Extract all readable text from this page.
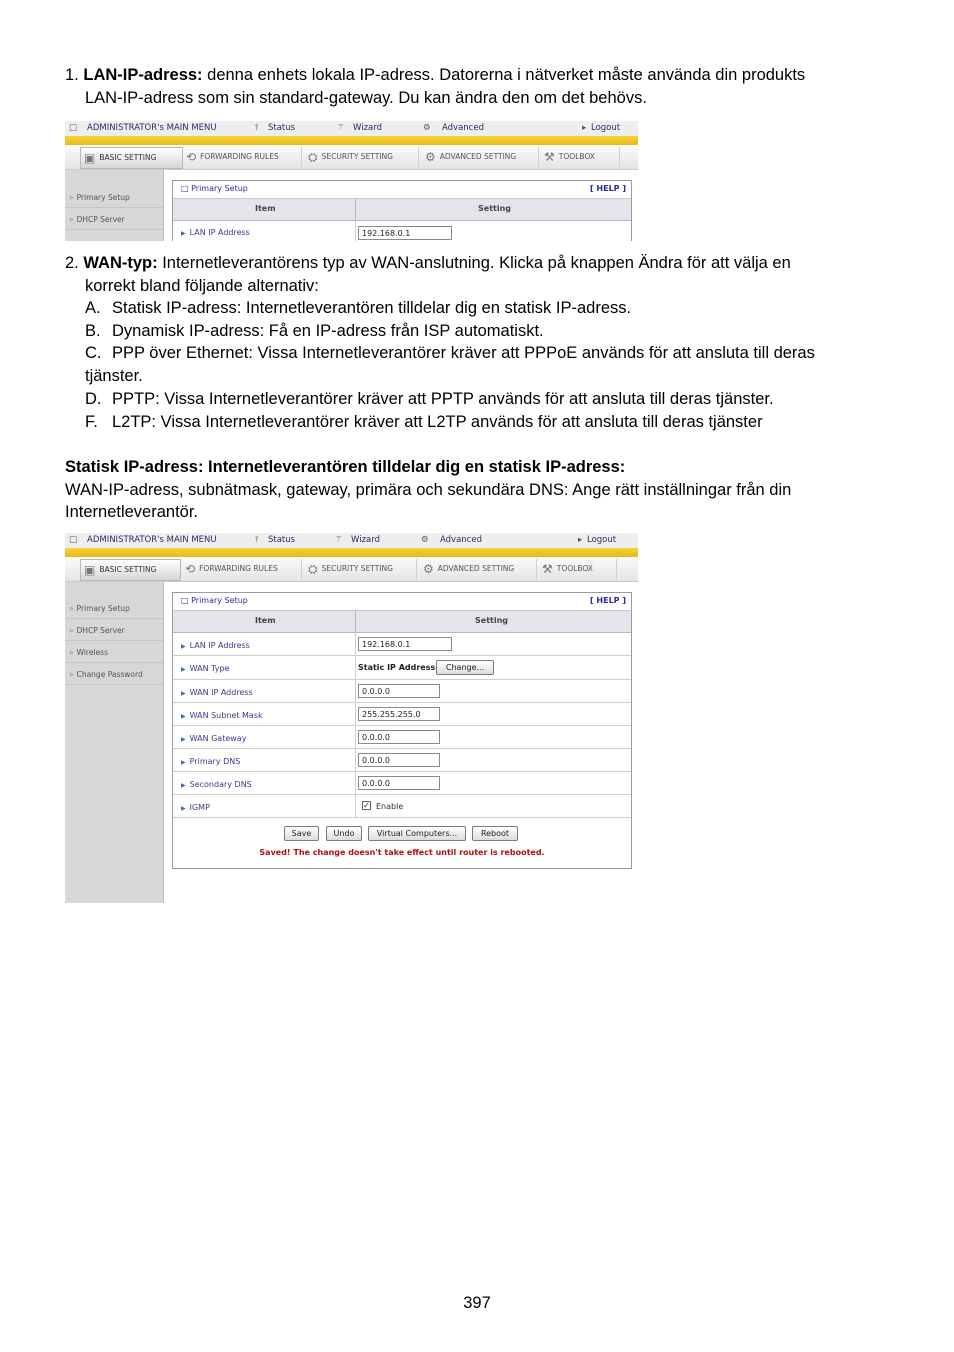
1. LAN-IP-adress: denna enhets lokala IP-adress. Datorerna i nätverket måste använda din produkts
LAN-IP-adress som sin standard-gateway. Du kan ändra den om det behövs.
□ ADMINISTRATOR's MAIN MENU	⫯ Status	⚚ Wizard	⚙ Advanced	▸ Logout
▣ BASIC SETTING	⟲ FORWARDING RULES	⛭ SECURITY SETTING	⚙ ADVANCED SETTING	⚒ TOOLBOX
» Primary Setup
» DHCP Server
□ Primary Setup	[ HELP ]
Item	Setting
▶ LAN IP Address	192.168.0.1
2. WAN-typ: Internetleverantörens typ av WAN-anslutning. Klicka på knappen Ändra för att välja en
korrekt bland följande alternativ:
A. Statisk IP-adress: Internetleverantören tilldelar dig en statisk IP-adress.
B. Dynamisk IP-adress: Få en IP-adress från ISP automatiskt.
C. PPP över Ethernet: Vissa Internetleverantörer kräver att PPPoE används för att ansluta till deras
tjänster.
D. PPTP: Vissa Internetleverantörer kräver att PPTP används för att ansluta till deras tjänster.
F. L2TP: Vissa Internetleverantörer kräver att L2TP används för att ansluta till deras tjänster
Statisk IP-adress: Internetleverantören tilldelar dig en statisk IP-adress:
WAN-IP-adress, subnätmask, gateway, primära och sekundära DNS: Ange rätt inställningar från din
Internetleverantör.
□ ADMINISTRATOR's MAIN MENU	⫯ Status	⚚ Wizard	⚙ Advanced	▸ Logout
▣ BASIC SETTING	⟲ FORWARDING RULES	⛭ SECURITY SETTING	⚙ ADVANCED SETTING	⚒ TOOLBOX
» Primary Setup
» DHCP Server
» Wireless
» Change Password
□ Primary Setup	[ HELP ]
Item	Setting
▶ LAN IP Address	192.168.0.1
▶ WAN Type	Static IP Address	Change...
▶ WAN IP Address	0.0.0.0
▶ WAN Subnet Mask	255.255.255.0
▶ WAN Gateway	0.0.0.0
▶ Primary DNS	0.0.0.0
▶ Secondary DNS	0.0.0.0
▶ IGMP	✓ Enable
Save	Undo	Virtual Computers...	Reboot
Saved! The change doesn't take effect until router is rebooted.
397
